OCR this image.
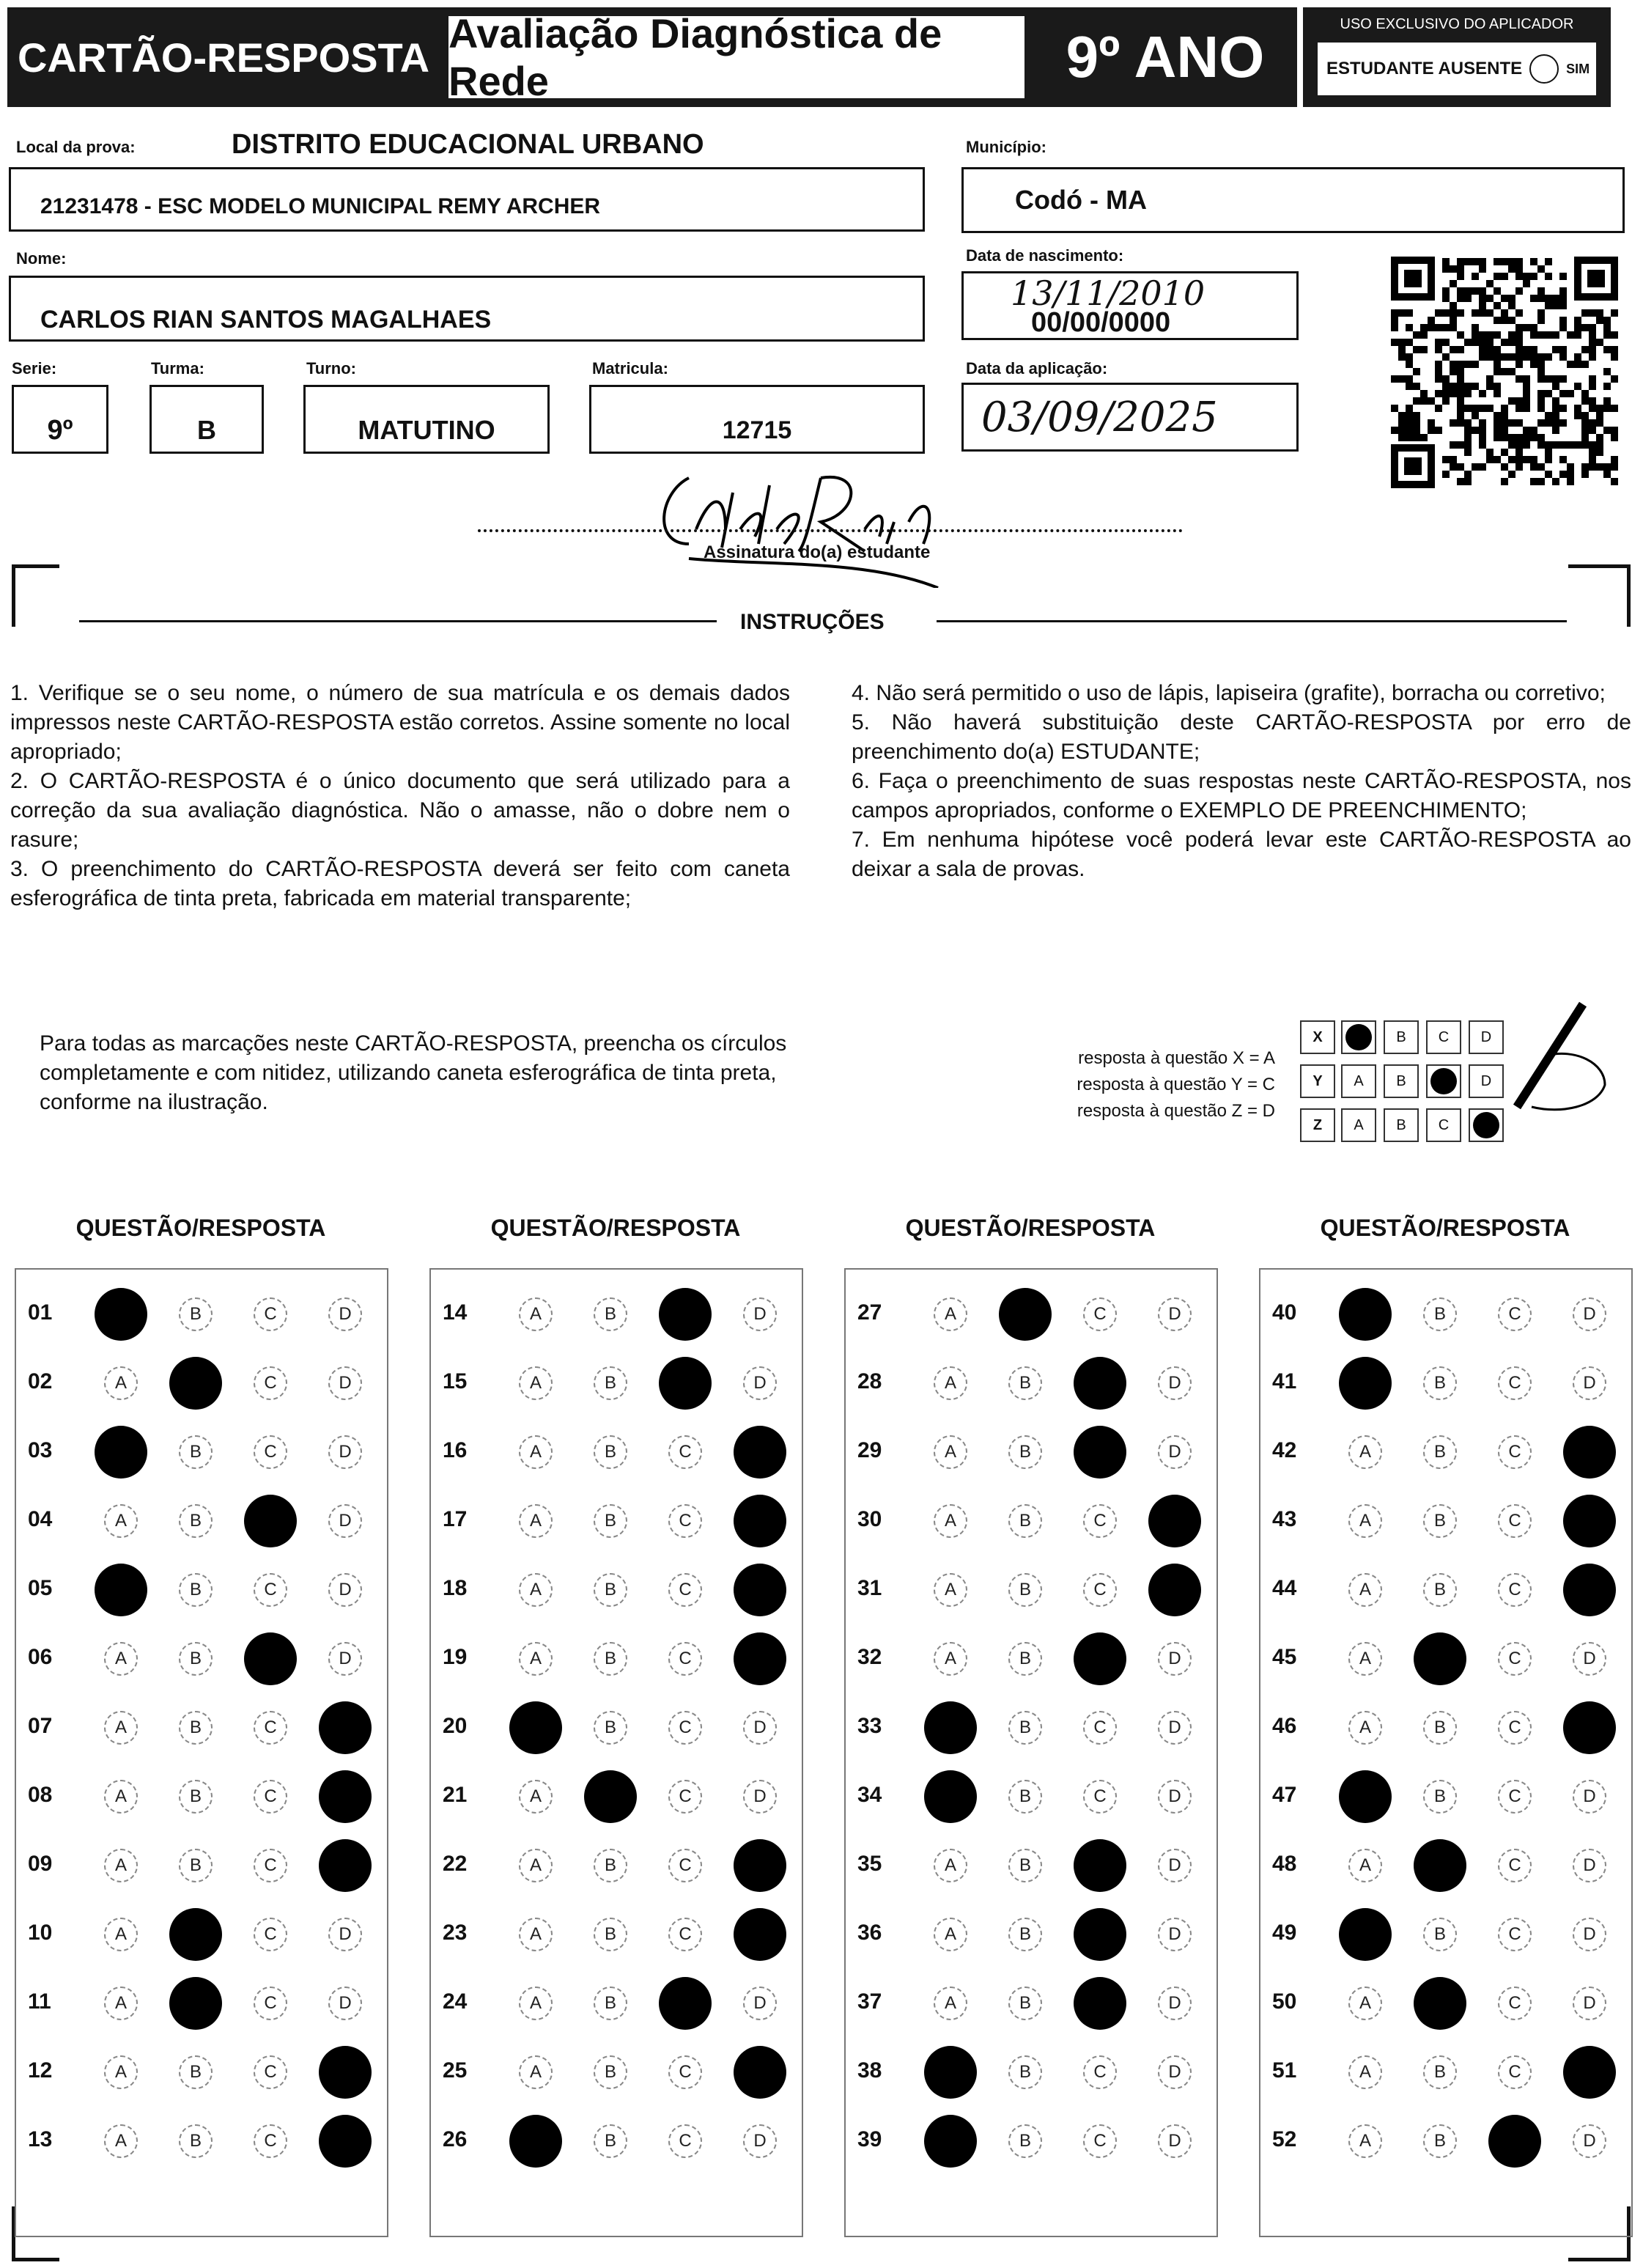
CARTÃO-RESPOSTA
Avaliação Diagnóstica de Rede	9º ANO	USO EXCLUSIVO DO APLICADOR
ESTUDANTE AUSENTE	SIM
Local da prova:	DISTRITO EDUCACIONAL URBANO
21231478 - ESC MODELO MUNICIPAL REMY ARCHER
Município:
Codó - MA
Nome:
CARLOS RIAN SANTOS MAGALHAES
Data de nascimento:
13/11/2010
00/00/0000
Serie:
9º
Turma:
B
Turno:
MATUTINO
Matricula:
12715
Data da aplicação:
03/09/2025
Assinatura do(a) estudante
INSTRUÇÕES

1. Verifique se o seu nome, o número de sua matrícula e os demais dados impressos neste CARTÃO-RESPOSTA estão corretos. Assine somente no local apropriado;

2. O CARTÃO-RESPOSTA é o único documento que será utilizado para a correção da sua avaliação diagnóstica. Não o amasse, não o dobre nem o rasure;

3. O preenchimento do CARTÃO-RESPOSTA deverá ser feito com caneta esferográfica de tinta preta, fabricada em material transparente;

4. Não será permitido o uso de lápis, lapiseira (grafite), borracha ou corretivo;

5. Não haverá substituição deste CARTÃO-RESPOSTA por erro de preenchimento do(a) ESTUDANTE;

6. Faça o preenchimento de suas respostas neste CARTÃO-RESPOSTA, nos campos apropriados, conforme o EXEMPLO DE PREENCHIMENTO;

7. Em nenhuma hipótese você poderá levar este CARTÃO-RESPOSTA ao deixar a sala de provas.

Para todas as marcações neste CARTÃO-RESPOSTA, preencha os círculos completamente e com nitidez, utilizando caneta esferográfica de tinta preta, conforme na ilustração.
resposta à questão X = A
resposta à questão Y = C
resposta à questão Z = D
X	B	C	D
Y	A	B	D
Z	A	B	C
QUESTÃO/RESPOSTA	QUESTÃO/RESPOSTA	QUESTÃO/RESPOSTA	QUESTÃO/RESPOSTA
01	A	B	C	D
02	A	B	C	D
03	A	B	C	D
04	A	B	C	D
05	A	B	C	D
06	A	B	C	D
07	A	B	C	D
08	A	B	C	D
09	A	B	C	D
10	A	B	C	D
11	A	B	C	D
12	A	B	C	D
13	A	B	C	D
14	A	B	C	D
15	A	B	C	D
16	A	B	C	D
17	A	B	C	D
18	A	B	C	D
19	A	B	C	D
20	A	B	C	D
21	A	B	C	D
22	A	B	C	D
23	A	B	C	D
24	A	B	C	D
25	A	B	C	D
26	A	B	C	D
27	A	B	C	D
28	A	B	C	D
29	A	B	C	D
30	A	B	C	D
31	A	B	C	D
32	A	B	C	D
33	A	B	C	D
34	A	B	C	D
35	A	B	C	D
36	A	B	C	D
37	A	B	C	D
38	A	B	C	D
39	A	B	C	D
40	A	B	C	D
41	A	B	C	D
42	A	B	C	D
43	A	B	C	D
44	A	B	C	D
45	A	B	C	D
46	A	B	C	D
47	A	B	C	D
48	A	B	C	D
49	A	B	C	D
50	A	B	C	D
51	A	B	C	D
52	A	B	C	D
